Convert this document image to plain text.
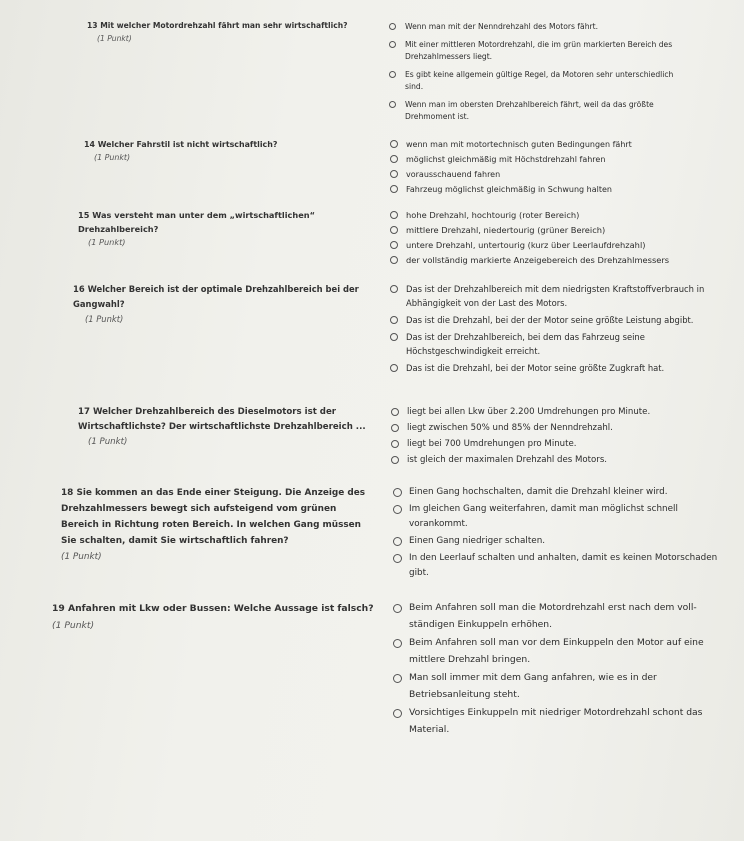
13 Mit welcher Motordrehzahl fährt man sehr wirtschaftlich?

(1 Punkt)

Wenn man mit der Nenndrehzahl des Motors fährt.
Mit einer mittleren Motordrehzahl, die im grün markierten Bereich des Drehzahlmessers liegt.
Es gibt keine allgemein gültige Regel, da Motoren sehr unterschiedlich sind.
Wenn man im obersten Drehzahlbereich fährt, weil da das größte Drehmoment ist.

14 Welcher Fahrstil ist nicht wirtschaftlich?

(1 Punkt)

wenn man mit motortechnisch guten Bedingungen fährt
möglichst gleichmäßig mit Höchstdrehzahl fahren
vorausschauend fahren
Fahrzeug möglichst gleichmäßig in Schwung halten

15 Was versteht man unter dem „wirtschaftlichen“ Drehzahlbereich?

(1 Punkt)

hohe Drehzahl, hochtourig (roter Bereich)
mittlere Drehzahl, niedertourig (grüner Bereich)
untere Drehzahl, untertourig (kurz über Leerlaufdrehzahl)
der vollständig markierte Anzeigebereich des Drehzahlmessers

16 Welcher Bereich ist der optimale Drehzahlbereich bei der Gangwahl?

(1 Punkt)

Das ist der Drehzahlbereich mit dem niedrigsten Kraftstoffverbrauch in Abhängigkeit von der Last des Motors.
Das ist die Drehzahl, bei der der Motor seine größte Leistung abgibt.
Das ist der Drehzahlbereich, bei dem das Fahrzeug seine Höchstgeschwindigkeit erreicht.
Das ist die Drehzahl, bei der Motor seine größte Zugkraft hat.

17 Welcher Drehzahlbereich des Dieselmotors ist der Wirtschaftlichste? Der wirtschaftlichste Drehzahlbereich ...

(1 Punkt)

liegt bei allen Lkw über 2.200 Umdrehungen pro Minute.
liegt zwischen 50% und 85% der Nenndrehzahl.
liegt bei 700 Umdrehungen pro Minute.
ist gleich der maximalen Drehzahl des Motors.

18 Sie kommen an das Ende einer Steigung. Die Anzeige des Drehzahlmessers bewegt sich aufsteigend vom grünen Bereich in Richtung roten Bereich. In welchen Gang müssen Sie schalten, damit Sie wirtschaftlich fahren?

(1 Punkt)

Einen Gang hochschalten, damit die Drehzahl kleiner wird.
Im gleichen Gang weiterfahren, damit man möglichst schnell vorankommt.
Einen Gang niedriger schalten.
In den Leerlauf schalten und anhalten, damit es keinen Motorschaden gibt.

19 Anfahren mit Lkw oder Bussen: Welche Aussage ist falsch?

(1 Punkt)

Beim Anfahren soll man die Motordrehzahl erst nach dem voll-ständigen Einkuppeln erhöhen.
Beim Anfahren soll man vor dem Einkuppeln den Motor auf eine mittlere Drehzahl bringen.
Man soll immer mit dem Gang anfahren, wie es in der Betriebsanleitung steht.
Vorsichtiges Einkuppeln mit niedriger Motordrehzahl schont das Material.
